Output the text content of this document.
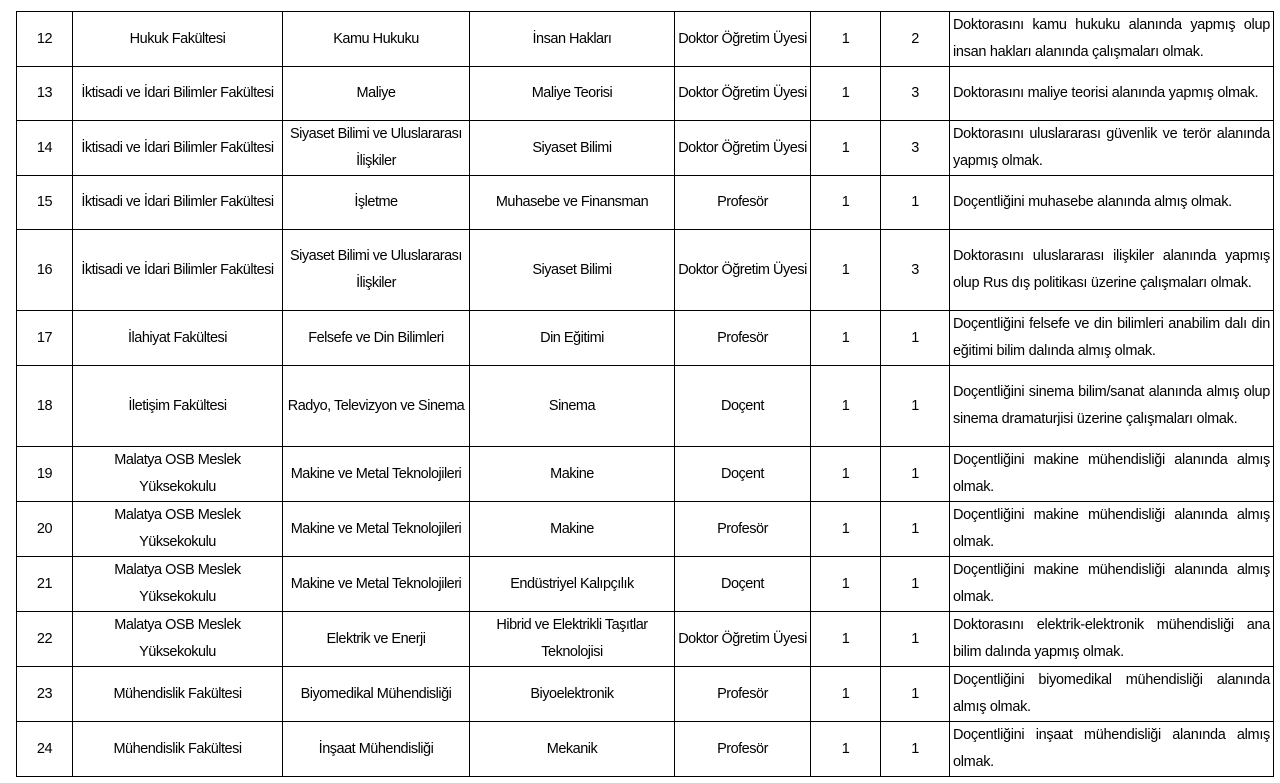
12	Hukuk Fakültesi	Kamu Hukuku	İnsan Hakları	Doktor Öğretim Üyesi	1	2	Doktorasını kamu hukuku alanında yapmış olup insan hakları alanında çalışmaları olmak.
13	İktisadi ve İdari Bilimler Fakültesi	Maliye	Maliye Teorisi	Doktor Öğretim Üyesi	1	3	Doktorasını maliye teorisi alanında yapmış olmak.
14	İktisadi ve İdari Bilimler Fakültesi	Siyaset Bilimi ve Uluslararası İlişkiler	Siyaset Bilimi	Doktor Öğretim Üyesi	1	3	Doktorasını uluslararası güvenlik ve terör alanında yapmış olmak.
15	İktisadi ve İdari Bilimler Fakültesi	İşletme	Muhasebe ve Finansman	Profesör	1	1	Doçentliğini muhasebe alanında almış olmak.
16	İktisadi ve İdari Bilimler Fakültesi	Siyaset Bilimi ve Uluslararası İlişkiler	Siyaset Bilimi	Doktor Öğretim Üyesi	1	3	Doktorasını uluslararası ilişkiler alanında yapmış olup Rus dış politikası üzerine çalışmaları olmak.
17	İlahiyat Fakültesi	Felsefe ve Din Bilimleri	Din Eğitimi	Profesör	1	1	Doçentliğini felsefe ve din bilimleri anabilim dalı din eğitimi bilim dalında almış olmak.
18	İletişim Fakültesi	Radyo, Televizyon ve Sinema	Sinema	Doçent	1	1	Doçentliğini sinema bilim/sanat alanında almış olup sinema dramaturjisi üzerine çalışmaları olmak.
19	Malatya OSB Meslek Yüksekokulu	Makine ve Metal Teknolojileri	Makine	Doçent	1	1	Doçentliğini makine mühendisliği alanında almış olmak.
20	Malatya OSB Meslek Yüksekokulu	Makine ve Metal Teknolojileri	Makine	Profesör	1	1	Doçentliğini makine mühendisliği alanında almış olmak.
21	Malatya OSB Meslek Yüksekokulu	Makine ve Metal Teknolojileri	Endüstriyel Kalıpçılık	Doçent	1	1	Doçentliğini makine mühendisliği alanında almış olmak.
22	Malatya OSB Meslek Yüksekokulu	Elektrik ve Enerji	Hibrid ve Elektrikli Taşıtlar Teknolojisi	Doktor Öğretim Üyesi	1	1	Doktorasını elektrik-elektronik mühendisliği ana bilim dalında yapmış olmak.
23	Mühendislik Fakültesi	Biyomedikal Mühendisliği	Biyoelektronik	Profesör	1	1	Doçentliğini biyomedikal mühendisliği alanında almış olmak.
24	Mühendislik Fakültesi	İnşaat Mühendisliği	Mekanik	Profesör	1	1	Doçentliğini inşaat mühendisliği alanında almış olmak.
